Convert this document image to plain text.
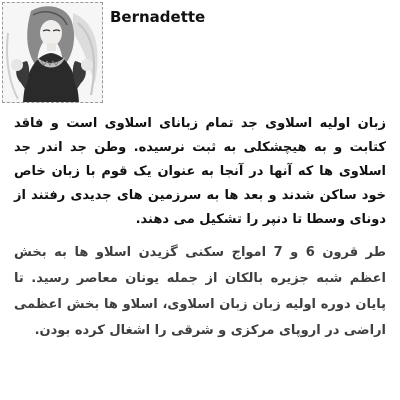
Bernadette

زبان اولیه اسلاوی جد تمام زبانای اسلاوی است و فاقد کتابت و به هیچشکلی به ثبت نرسیده. وطن جد اندر جد اسلاوی ها که آنها در آنجا به عنوان یک قوم با زبان خاص خود ساکن شدند و بعد ها به سرزمین های جدیدی رفتند از دونای وسطا تا دنپر را تشکیل می دهند.

طر قرون 6 و 7 امواج سکنی گزیدن اسلاو ها به بخش اعظم شبه جزیره بالکان از جمله یونان معاصر رسید. تا پایان دوره اولیه زبان زبان اسلاوی، اسلاو ها بخش اعظمی اراضی در اروپای مرکزی و شرقی را اشغال کرده بودن.
